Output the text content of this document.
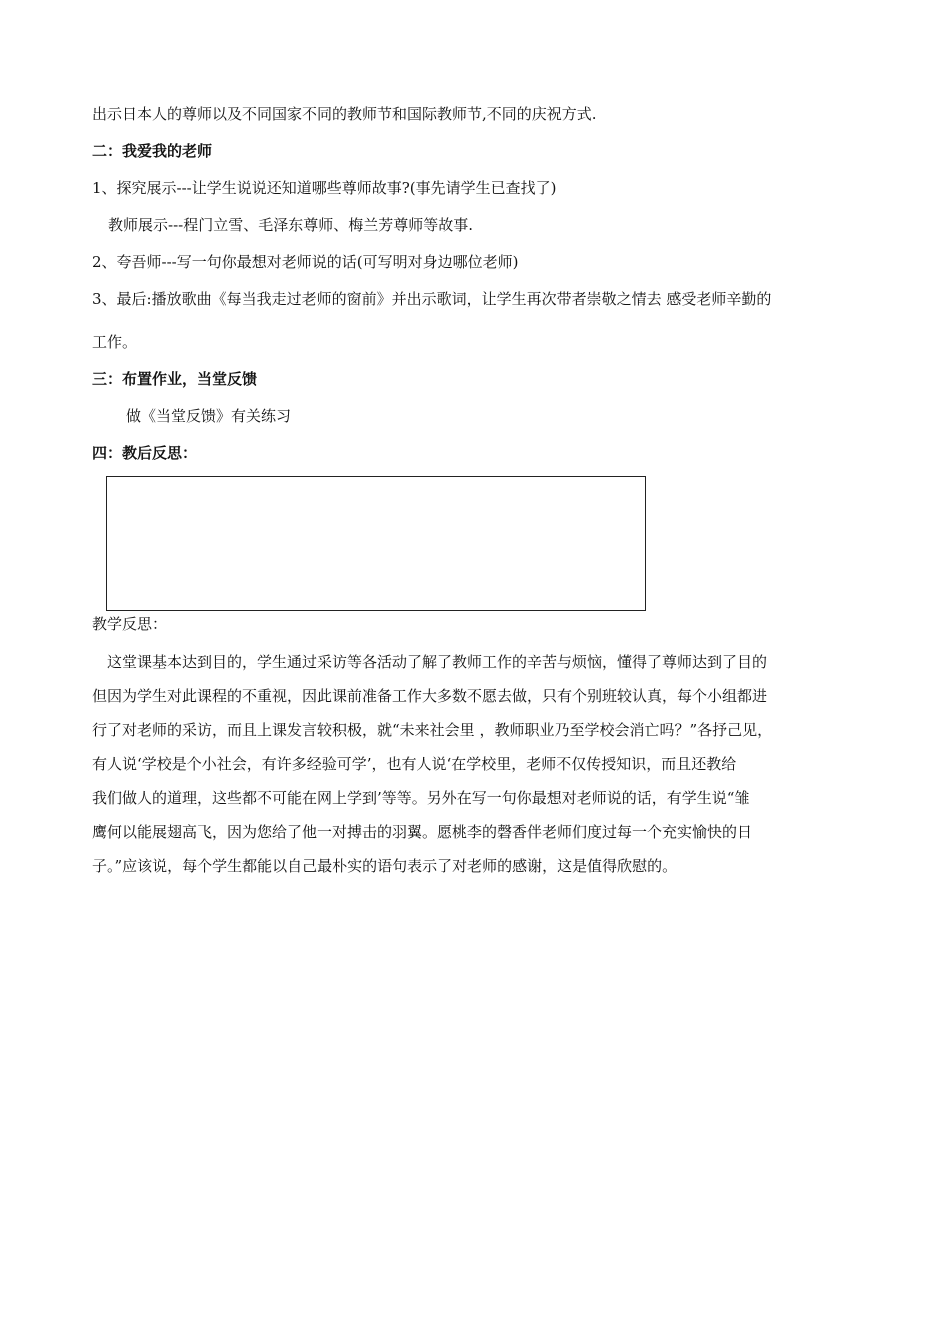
出示日本人的尊师以及不同国家不同的教师节和国际教师节,不同的庆祝方式.
二：我爱我的老师
1、探究展示---让学生说说还知道哪些尊师故事?(事先请学生已查找了)
教师展示---程门立雪、毛泽东尊师、梅兰芳尊师等故事.
2、夸吾师---写一句你最想对老师说的话(可写明对身边哪位老师)
3、最后:播放歌曲《每当我走过老师的窗前》并出示歌词，让学生再次带者崇敬之情去 感受老师辛勤的
工作。
三：布置作业，当堂反馈
做《当堂反馈》有关练习
四：教后反思：
教学反思：
　这堂课基本达到目的，学生通过采访等各活动了解了教师工作的辛苦与烦恼，懂得了尊师达到了目的
但因为学生对此课程的不重视，因此课前准备工作大多数不愿去做，只有个别班较认真，每个小组都进
行了对老师的采访，而且上课发言较积极，就“未来社会里 ，教师职业乃至学校会消亡吗？”各抒己见，
有人说‘学校是个小社会，有许多经验可学’，也有人说‘在学校里，老师不仅传授知识，而且还教给
我们做人的道理，这些都不可能在网上学到’等等。另外在写一句你最想对老师说的话，有学生说“雏
鹰何以能展翅高飞，因为您给了他一对搏击的羽翼。愿桃李的磬香伴老师们度过每一个充实愉快的日
子。”应该说，每个学生都能以自己最朴实的语句表示了对老师的感谢，这是值得欣慰的。
